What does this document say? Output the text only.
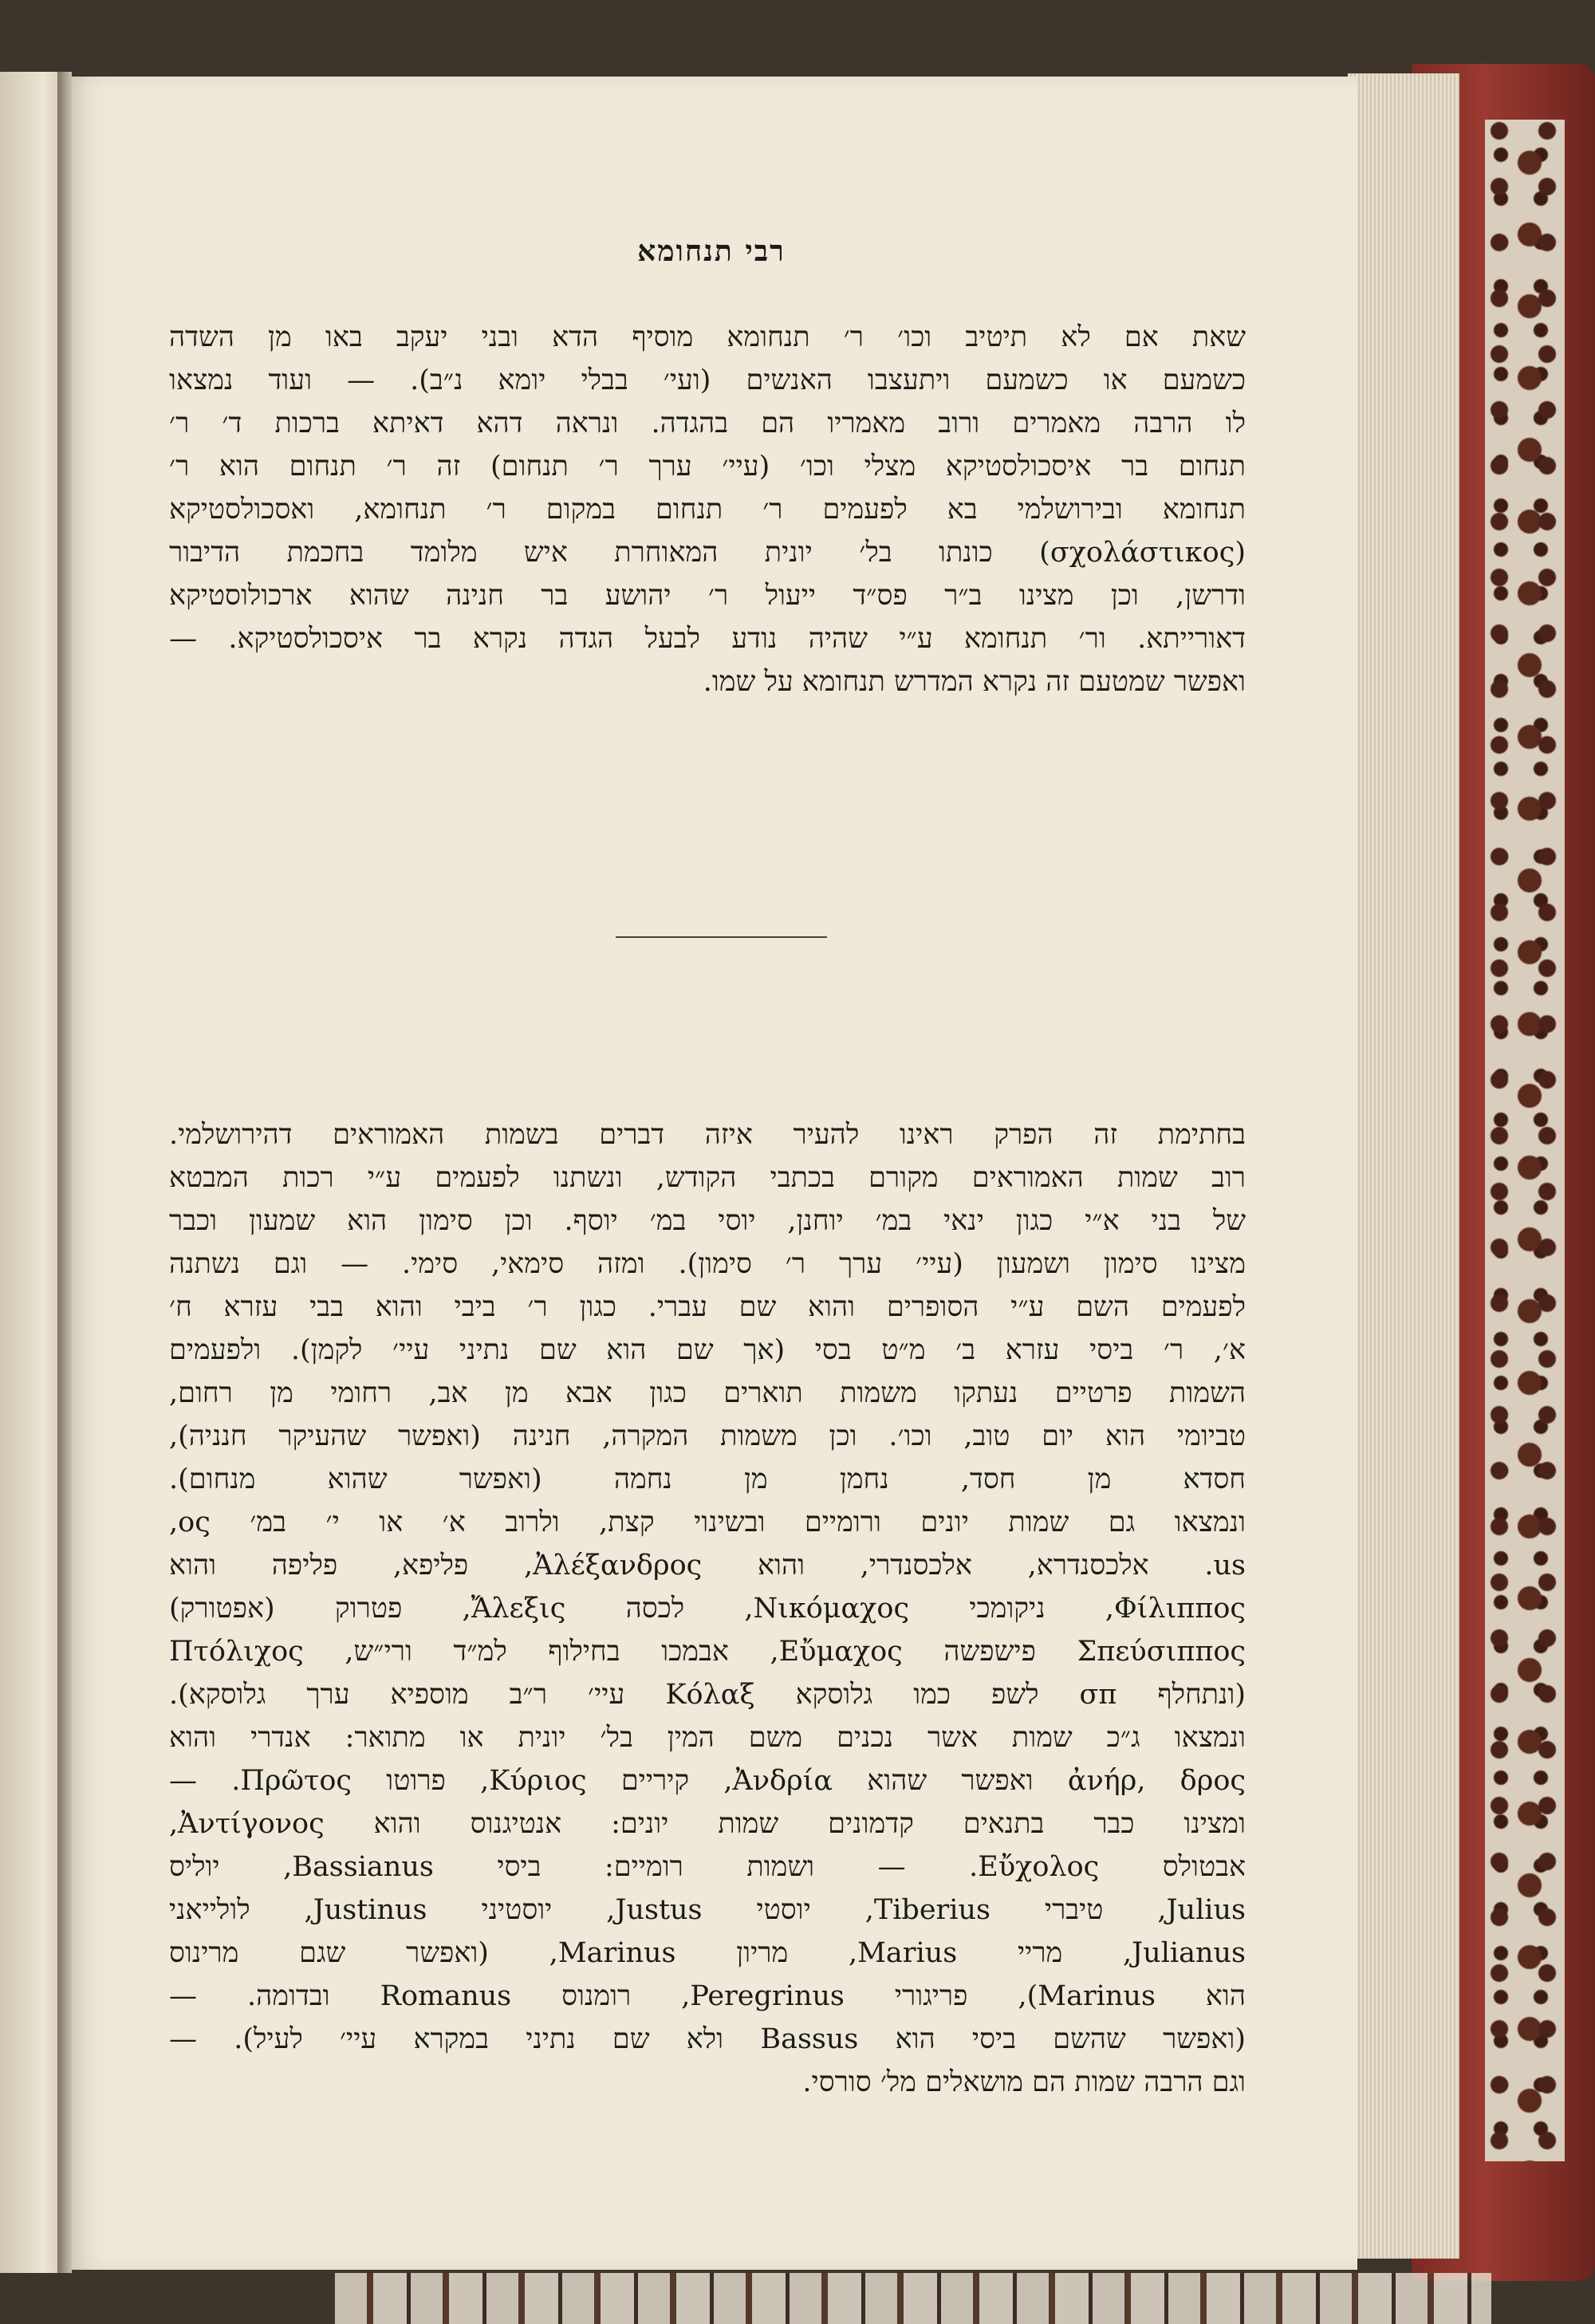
רבי תנחומא
שאת אם לא תיטיב וכו׳ ר׳ תנחומא מוסיף הדא ובני יעקב באו מן השדה
כשמעם או כשמעם ויתעצבו האנשים (ועי׳ בבלי יומא נ״ב). — ועוד נמצאו
לו הרבה מאמרים ורוב מאמריו הם בהגדה. ונראה דהא דאיתא ברכות ד׳ ר׳
תנחום בר איסכולסטיקא מצלי וכו׳ (עיי׳ ערך ר׳ תנחום) זה ר׳ תנחום הוא ר׳
תנחומא ובירושלמי בא לפעמים ר׳ תנחום במקום ר׳ תנחומא, ואסכולסטיקא
(σχολάστικος) כונתו בל׳ יונית המאוחרת איש מלומד בחכמת הדיבור
ודרשן, וכן מצינו ב״ר פס״ד ייעול ר׳ יהושע בר חנינה שהוא ארכולוסטיקא
דאורייתא. ור׳ תנחומא ע״י שהיה נודע לבעל הגדה נקרא בר איסכולסטיקא. —
ואפשר שמטעם זה נקרא המדרש תנחומא על שמו.
בחתימת זה הפרק ראינו להעיר איזה דברים בשמות האמוראים דהירושלמי.
רוב שמות האמוראים מקורם בכתבי הקודש, ונשתנו לפעמים ע״י רכות המבטא
של בני א״י כגון ינאי במ׳ יוחנן, יוסי במ׳ יוסף. וכן סימון הוא שמעון וכבר
מצינו סימון ושמעון (עיי׳ ערך ר׳ סימון). ומזה סימאי, סימי. — וגם נשתנה
לפעמים השם ע״י הסופרים והוא שם עברי. כגון ר׳ ביבי והוא בבי עזרא ח׳
א׳, ר׳ ביסי עזרא ב׳ מ״ט בסי (אך שם הוא שם נתיני עיי׳ לקמן). ולפעמים
השמות פרטיים נעתקו משמות תוארים כגון אבא מן אב, רחומי מן רחום,
טביומי הוא יום טוב, וכו׳. וכן משמות המקרה, חנינה (ואפשר שהעיקר חנניה),
חסדא מן חסד, נחמן מן נחמה (ואפשר שהוא מנחום).
ונמצאו גם שמות יונים ורומיים ובשינוי קצת, ולרוב א׳ או י׳ במ׳ ος,
us. אלכסנדרא, אלכסנדרי, והוא Ἀλέξανδρος, פליפא, פליפה והוא
Φίλιππος, ניקומכי Νικόμαχος, לכסה Ἄλεξις, פטרוק (אפטורק)
Σπεύσιππος פישפשה Εὔμαχος, אבמכו בחילוף למ״ד ורי״ש, Πτόλιχος
(ונתחלף σπ לשפ כמו גלוסקא Κόλαξ עיי׳ ר״ב מוספיא ערך גלוסקא).
ונמצאו ג״כ שמות אשר נכנים משם המין בל׳ יונית או מתואר: אנדרי והוא
ἀνήρ, δρος ואפשר שהוא Ἀνδρία, קיריים Κύριος, פרוטו Πρῶτος. —
ומצינו כבר בתנאים קדמונים שמות יונים: אנטיגנוס והוא Ἀντίγονος,
אבטולס Εὔχολος. — ושמות רומיים: ביסי Bassianus, יוליס
Julius, טיברי Tiberius, יוסטי Justus, יוסטיני Justinus, לולייאני
Julianus, מריי Marius, מריון Marinus, (ואפשר שגם מרינוס
הוא Marinus), פריגורי Peregrinus, רומנוס Romanus ובדומה. —
(ואפשר שהשם ביסי הוא Bassus ולא שם נתיני במקרא עיי׳ לעיל). —
וגם הרבה שמות הם מושאלים מל׳ סורסי.
